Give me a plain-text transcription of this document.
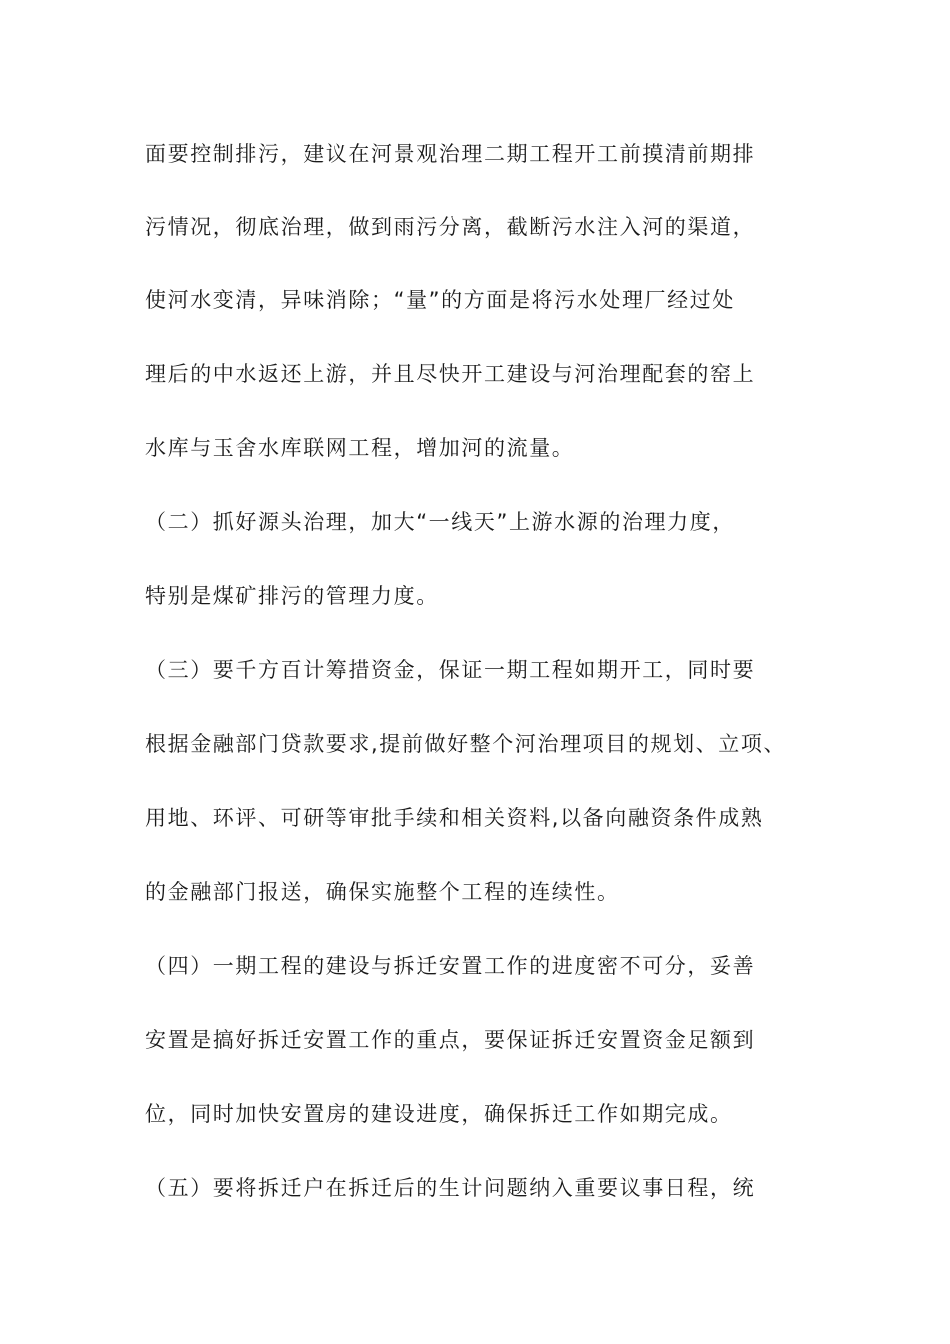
面要控制排污，建议在河景观治理二期工程开工前摸清前期排
污情况，彻底治理，做到雨污分离，截断污水注入河的渠道，
使河水变清，异味消除；“量”的方面是将污水处理厂经过处
理后的中水返还上游，并且尽快开工建设与河治理配套的窑上
水库与玉舍水库联网工程，增加河的流量。
（二）抓好源头治理，加大“一线天”上游水源的治理力度，
特别是煤矿排污的管理力度。
（三）要千方百计筹措资金，保证一期工程如期开工，同时要
根据金融部门贷款要求,提前做好整个河治理项目的规划、立项、
用地、环评、可研等审批手续和相关资料,以备向融资条件成熟
的金融部门报送，确保实施整个工程的连续性。
（四）一期工程的建设与拆迁安置工作的进度密不可分，妥善
安置是搞好拆迁安置工作的重点，要保证拆迁安置资金足额到
位，同时加快安置房的建设进度，确保拆迁工作如期完成。
（五）要将拆迁户在拆迁后的生计问题纳入重要议事日程，统
